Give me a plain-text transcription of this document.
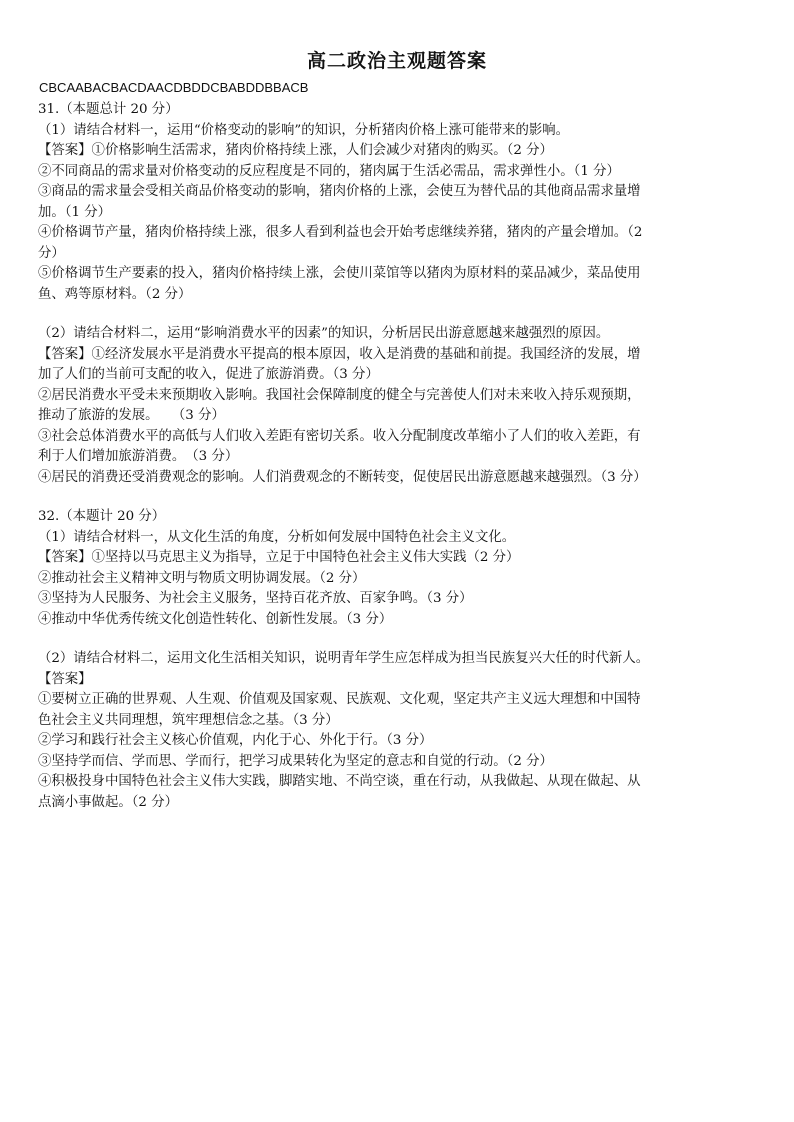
高二政治主观题答案
CBCAABACBACDAACDBDDCBABDDBBACB
31.（本题总计 20 分）
（1）请结合材料一，运用“价格变动的影响”的知识，分析猪肉价格上涨可能带来的影响。
【答案】①价格影响生活需求，猪肉价格持续上涨，人们会减少对猪肉的购买。（2 分）
②不同商品的需求量对价格变动的反应程度是不同的，猪肉属于生活必需品，需求弹性小。（1 分）
③商品的需求量会受相关商品价格变动的影响，猪肉价格的上涨，会使互为替代品的其他商品需求量增
加。（1 分）
④价格调节产量，猪肉价格持续上涨，很多人看到利益也会开始考虑继续养猪，猪肉的产量会增加。（2
分）
⑤价格调节生产要素的投入，猪肉价格持续上涨，会使川菜馆等以猪肉为原材料的菜品减少，菜品使用
鱼、鸡等原材料。（2 分）
（2）请结合材料二，运用“影响消费水平的因素”的知识，分析居民出游意愿越来越强烈的原因。
【答案】①经济发展水平是消费水平提高的根本原因，收入是消费的基础和前提。我国经济的发展，增
加了人们的当前可支配的收入，促进了旅游消费。（3 分）
②居民消费水平受未来预期收入影响。我国社会保障制度的健全与完善使人们对未来收入持乐观预期，
推动了旅游的发展。　　（3 分）
③社会总体消费水平的高低与人们收入差距有密切关系。收入分配制度改革缩小了人们的收入差距，有
利于人们增加旅游消费。　（3 分）
④居民的消费还受消费观念的影响。人们消费观念的不断转变，促使居民出游意愿越来越强烈。（3 分）
32.（本题计 20 分）
（1）请结合材料一，从文化生活的角度，分析如何发展中国特色社会主义文化。
【答案】①坚持以马克思主义为指导，立足于中国特色社会主义伟大实践（2 分）
②推动社会主义精神文明与物质文明协调发展。（2 分）
③坚持为人民服务、为社会主义服务，坚持百花齐放、百家争鸣。（3 分）
④推动中华优秀传统文化创造性转化、创新性发展。（3 分）
（2）请结合材料二，运用文化生活相关知识，说明青年学生应怎样成为担当民族复兴大任的时代新人。
【答案】
①要树立正确的世界观、人生观、价值观及国家观、民族观、文化观，坚定共产主义远大理想和中国特
色社会主义共同理想，筑牢理想信念之基。（3 分）
②学习和践行社会主义核心价值观，内化于心、外化于行。（3 分）
③坚持学而信、学而思、学而行，把学习成果转化为坚定的意志和自觉的行动。（2 分）
④积极投身中国特色社会主义伟大实践，脚踏实地、不尚空谈，重在行动，从我做起、从现在做起、从
点滴小事做起。（2 分）
